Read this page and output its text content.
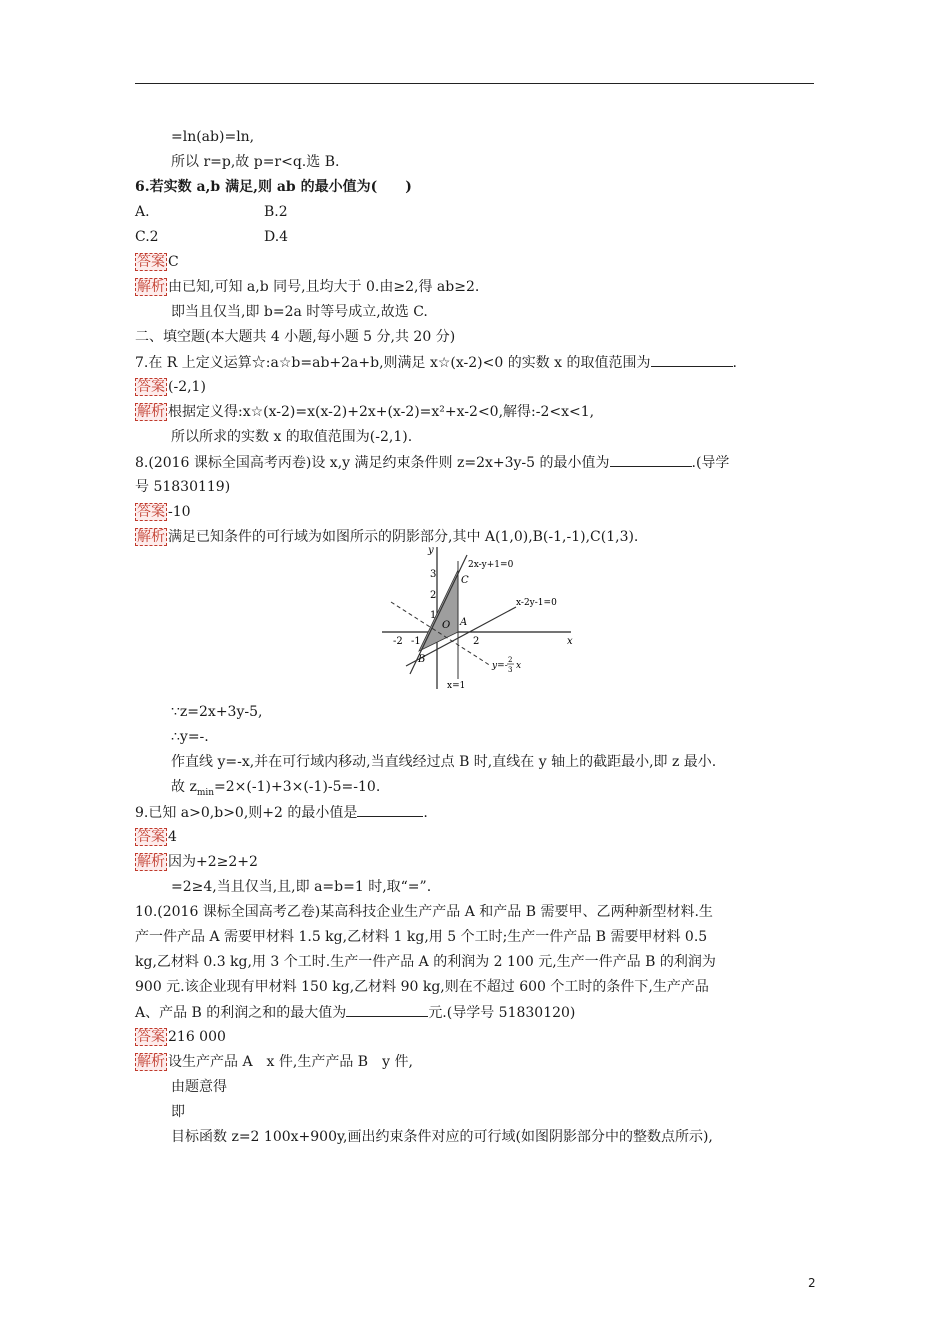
=ln(ab)=ln,
所以 r=p,故 p=r<q.选 B.
6.若实数 a,b 满足,则 ab 的最小值为(　　)
A.	B.2
C.2	D.4
答案 C
解析 由已知,可知 a,b 同号,且均大于 0.由≥2,得 ab≥2.
即当且仅当,即 b=2a 时等号成立,故选 C.
二、填空题(本大题共 4 小题,每小题 5 分,共 20 分)
7.在 R 上定义运算☆:a☆b=ab+2a+b,则满足 x☆(x-2)<0 的实数 x 的取值范围为	.
答案 (-2,1)
解析 根据定义得:x☆(x-2)=x(x-2)+2x+(x-2)=x²+x-2<0,解得:-2<x<1,
所以所求的实数 x 的取值范围为(-2,1).
8.(2016 课标全国高考丙卷)设 x,y 满足约束条件则 z=2x+3y-5 的最小值为	.(导学
号 51830119)
答案 -10
解析 满足已知条件的可行域为如图所示的阴影部分,其中 A(1,0),B(-1,-1),C(1,3).
y
x
3
2
1
-2 -1	2
O A
B
C
2x-y+1=0
x-2y-1=0
y=-
2
3 x
x=1
∵z=2x+3y-5,
∴y=-.
作直线 y=-x,并在可行域内移动,当直线经过点 B 时,直线在 y 轴上的截距最小,即 z 最小.
故 $z_{min}=2\times(-1)+3\times(-1)-5=-10$.
9.已知 a>0,b>0,则+2 的最小值是	.
答案 4
解析 因为+2≥2+2
=2≥4,当且仅当,且,即 a=b=1 时,取“=”.
10.(2016 课标全国高考乙卷)某高科技企业生产产品 A 和产品 B 需要甲、乙两种新型材料.生
产一件产品 A 需要甲材料 1.5 kg,乙材料 1 kg,用 5 个工时;生产一件产品 B 需要甲材料 0.5
kg,乙材料 0.3 kg,用 3 个工时.生产一件产品 A 的利润为 2 100 元,生产一件产品 B 的利润为
900 元.该企业现有甲材料 150 kg,乙材料 90 kg,则在不超过 600 个工时的条件下,生产产品
A、产品 B 的利润之和的最大值为	元.(导学号 51830120)
答案 216 000
解析 设生产产品 A　x 件,生产产品 B　y 件,
由题意得
即
目标函数 z=2 100x+900y,画出约束条件对应的可行域(如图阴影部分中的整数点所示),
2
